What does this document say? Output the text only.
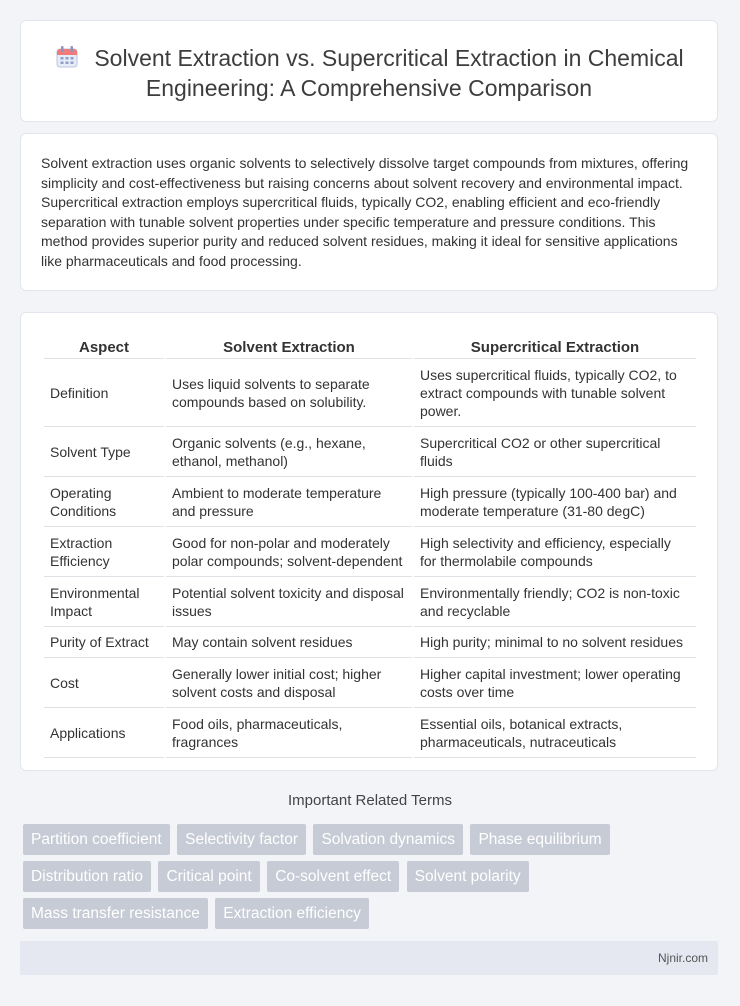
Solvent Extraction vs. Supercritical Extraction in Chemical Engineering: A Comprehensive Comparison

Solvent extraction uses organic solvents to selectively dissolve target compounds from mixtures, offering simplicity and cost-effectiveness but raising concerns about solvent recovery and environmental impact. Supercritical extraction employs supercritical fluids, typically CO2, enabling efficient and eco-friendly separation with tunable solvent properties under specific temperature and pressure conditions. This method provides superior purity and reduced solvent residues, making it ideal for sensitive applications like pharmaceuticals and food processing.

Aspect	Solvent Extraction	Supercritical Extraction
Definition	Uses liquid solvents to separate compounds based on solubility.	Uses supercritical fluids, typically CO2, to extract compounds with tunable solvent power.
Solvent Type	Organic solvents (e.g., hexane, ethanol, methanol)	Supercritical CO2 or other supercritical fluids
Operating Conditions	Ambient to moderate temperature and pressure	High pressure (typically 100-400 bar) and moderate temperature (31-80 degC)
Extraction Efficiency	Good for non-polar and moderately polar compounds; solvent-dependent	High selectivity and efficiency, especially for thermolabile compounds
Environmental Impact	Potential solvent toxicity and disposal issues	Environmentally friendly; CO2 is non-toxic and recyclable
Purity of Extract	May contain solvent residues	High purity; minimal to no solvent residues
Cost	Generally lower initial cost; higher solvent costs and disposal	Higher capital investment; lower operating costs over time
Applications	Food oils, pharmaceuticals, fragrances	Essential oils, botanical extracts, pharmaceuticals, nutraceuticals
Important Related Terms
Partition coefficient Selectivity factor Solvation dynamics Phase equilibrium Distribution ratio Critical point Co-solvent effect Solvent polarity Mass transfer resistance Extraction efficiency
Njnir.com
